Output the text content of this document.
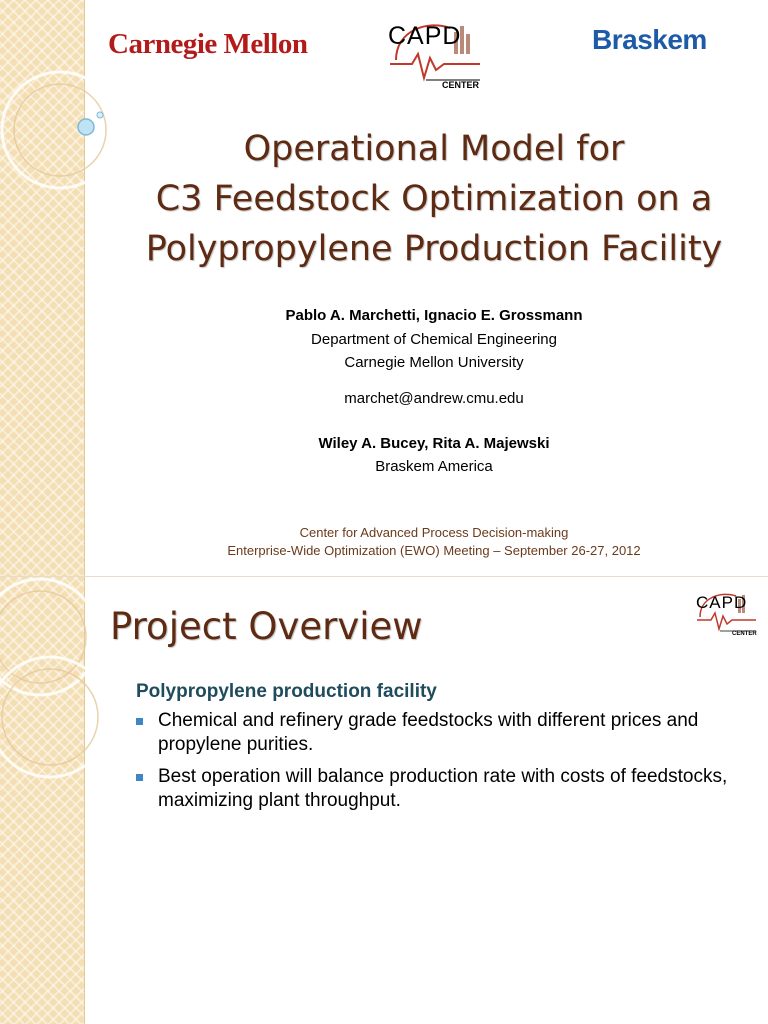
Carnegie Mellon	CAPD
CENTER
Braskem
Operational Model for
C3 Feedstock Optimization on a
Polypropylene Production Facility
Pablo A. Marchetti, Ignacio E. Grossmann
Department of Chemical Engineering
Carnegie Mellon University
marchet@andrew.cmu.edu
Wiley A. Bucey, Rita A. Majewski
Braskem America
Center for Advanced Process Decision-making
Enterprise-Wide Optimization (EWO) Meeting – September 26-27, 2012
CAPD
CENTER
Project Overview
Polypropylene production facility
Chemical and refinery grade feedstocks with different prices and propylene purities.
Best operation will balance production rate with costs of feedstocks, maximizing plant throughput.
